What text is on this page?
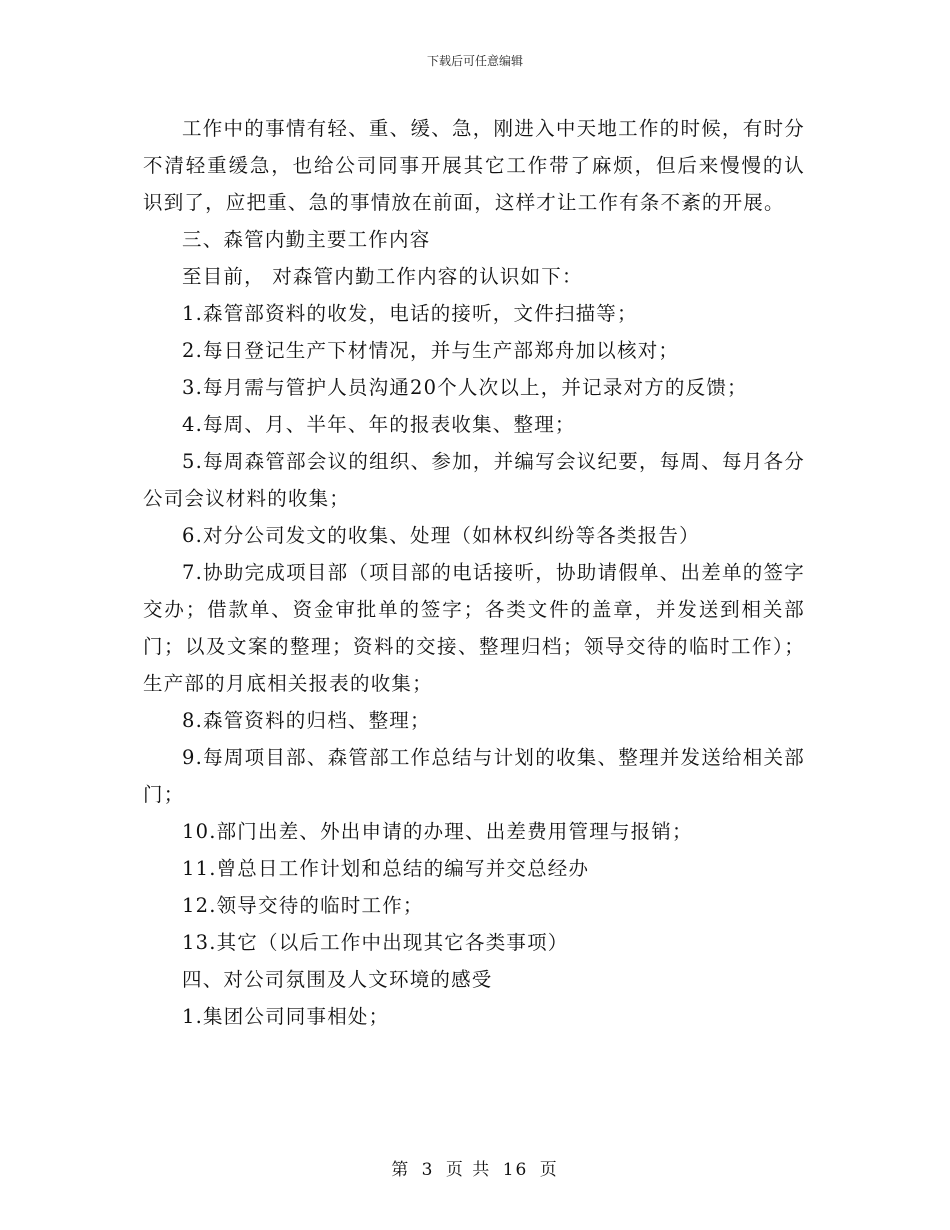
下载后可任意编辑

工作中的事情有轻、重、缓、急，刚进入中天地工作的时候，有时分不清轻重缓急，也给公司同事开展其它工作带了麻烦，但后来慢慢的认识到了，应把重、急的事情放在前面，这样才让工作有条不紊的开展。

三、森管内勤主要工作内容

至目前， 对森管内勤工作内容的认识如下：

1.森管部资料的收发，电话的接听，文件扫描等；

2.每日登记生产下材情况，并与生产部郑舟加以核对；

3.每月需与管护人员沟通20个人次以上，并记录对方的反馈；

4.每周、月、半年、年的报表收集、整理；

5.每周森管部会议的组织、参加，并编写会议纪要，每周、每月各分公司会议材料的收集；

6.对分公司发文的收集、处理（如林权纠纷等各类报告）

7.协助完成项目部（项目部的电话接听，协助请假单、出差单的签字交办；借款单、资金审批单的签字；各类文件的盖章，并发送到相关部门；以及文案的整理；资料的交接、整理归档；领导交待的临时工作）；生产部的月底相关报表的收集；

8.森管资料的归档、整理；

9.每周项目部、森管部工作总结与计划的收集、整理并发送给相关部门；

10.部门出差、外出申请的办理、出差费用管理与报销；

11.曾总日工作计划和总结的编写并交总经办

12.领导交待的临时工作；

13.其它（以后工作中出现其它各类事项）

四、对公司氛围及人文环境的感受

1.集团公司同事相处；

第 3 页 共 16 页
